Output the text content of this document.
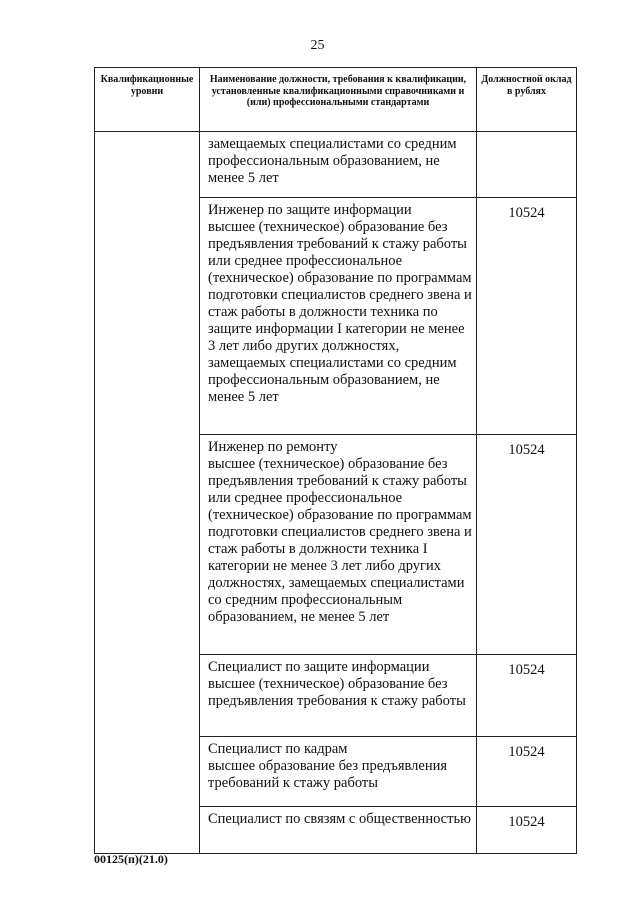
25
Квалификационные уровни	Наименование должности, требования к квалификации, установленные квалификационными справочниками и (или) профессиональными стандартами	Должностной оклад в рублях

	замещаемых специалистами со средним профессиональным образованием, не менее 5 лет	

	Инженер по защите информации
высшее (техническое) образование без предъявления требований к стажу работы или среднее профессиональное (техническое) образование по программам подготовки специалистов среднего звена и стаж работы в должности техника по защите информации I категории не менее 3 лет либо других должностях, замещаемых специалистами со средним профессиональным образованием, не менее 5 лет	10524

	Инженер по ремонту
высшее (техническое) образование без предъявления требований к стажу работы или среднее профессиональное (техническое) образование по программам подготовки специалистов среднего звена и стаж работы в должности техника I категории не менее 3 лет либо других должностях, замещаемых специалистами со средним профессиональным образованием, не менее 5 лет	10524

	Специалист по защите информации
высшее (техническое) образование без предъявления требования к стажу работы	10524

	Специалист по кадрам
высшее образование без предъявления требований к стажу работы	10524

	Специалист по связям с общественностью	10524
00125(п)(21.0)
